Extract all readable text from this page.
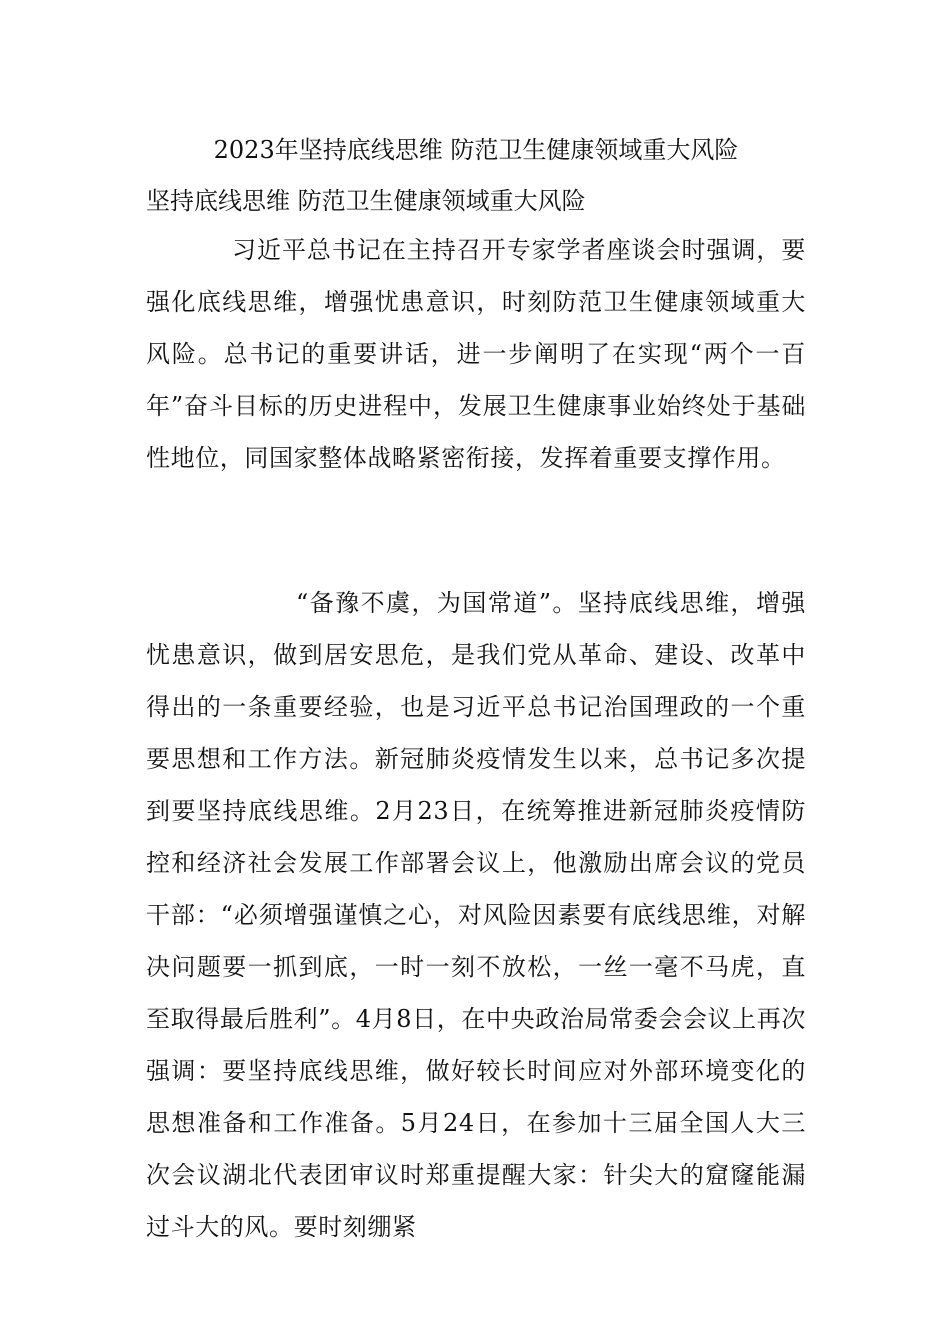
2023年坚持底线思维 防范卫生健康领域重大风险
坚持底线思维 防范卫生健康领域重大风险

习近平总书记在主持召开专家学者座谈会时强调，要强化底线思维，增强忧患意识，时刻防范卫生健康领域重大风险。总书记的重要讲话，进一步阐明了在实现“两个一百年”奋斗目标的历史进程中，发展卫生健康事业始终处于基础性地位，同国家整体战略紧密衔接，发挥着重要支撑作用。

“备豫不虞，为国常道”。坚持底线思维，增强忧患意识，做到居安思危，是我们党从革命、建设、改革中得出的一条重要经验，也是习近平总书记治国理政的一个重要思想和工作方法。新冠肺炎疫情发生以来，总书记多次提到要坚持底线思维。2月23日，在统筹推进新冠肺炎疫情防控和经济社会发展工作部署会议上，他激励出席会议的党员干部：“必须增强谨慎之心，对风险因素要有底线思维，对解决问题要一抓到底，一时一刻不放松，一丝一毫不马虎，直至取得最后胜利”。4月8日，在中央政治局常委会会议上再次强调：要坚持底线思维，做好较长时间应对外部环境变化的思想准备和工作准备。5月24日，在参加十三届全国人大三次会议湖北代表团审议时郑重提醒大家：针尖大的窟窿能漏过斗大的风。要时刻绷紧
